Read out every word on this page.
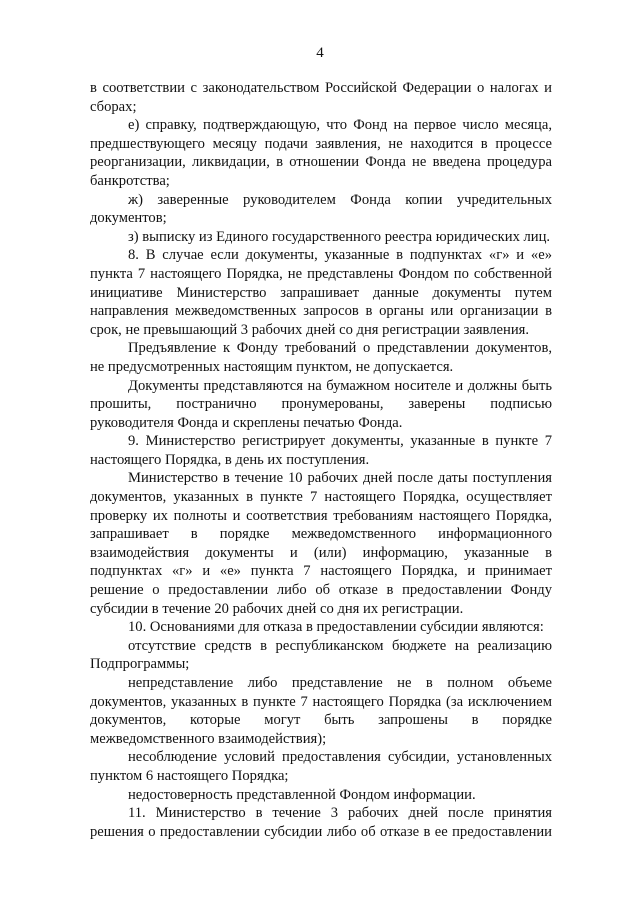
4

в соответствии с законодательством Российской Федерации о налогах и сборах;

е) справку, подтверждающую, что Фонд на первое число месяца, предшествующего месяцу подачи заявления, не находится в процессе реорганизации, ликвидации, в отношении Фонда не введена процедура банкротства;

ж) заверенные руководителем Фонда копии учредительных документов;

з) выписку из Единого государственного реестра юридических лиц.

8. В случае если документы, указанные в подпунктах «г» и «е» пункта 7 настоящего Порядка, не представлены Фондом по собственной инициативе Министерство запрашивает данные документы путем направления межведомственных запросов в органы или организации в срок, не превышающий 3 рабочих дней со дня регистрации заявления.

Предъявление к Фонду требований о представлении документов, не предусмотренных настоящим пунктом, не допускается.

Документы представляются на бумажном носителе и должны быть прошиты, постранично пронумерованы, заверены подписью руководителя Фонда и скреплены печатью Фонда.

9. Министерство регистрирует документы, указанные в пункте 7 настоящего Порядка, в день их поступления.

Министерство в течение 10 рабочих дней после даты поступления документов, указанных в пункте 7 настоящего Порядка, осуществляет проверку их полноты и соответствия требованиям настоящего Порядка, запрашивает в порядке межведомственного информационного взаимодействия документы и (или) информацию, указанные в подпунктах «г» и «е» пункта 7 настоящего Порядка, и принимает решение о предоставлении либо об отказе в предоставлении Фонду субсидии в течение 20 рабочих дней со дня их регистрации.

10. Основаниями для отказа в предоставлении субсидии являются:

отсутствие средств в республиканском бюджете на реализацию Подпрограммы;

непредставление либо представление не в полном объеме документов, указанных в пункте 7 настоящего Порядка (за исключением документов, которые могут быть запрошены в порядке межведомственного взаимодействия);

несоблюдение условий предоставления субсидии, установленных пунктом 6 настоящего Порядка;

недостоверность представленной Фондом информации.

11. Министерство в течение 3 рабочих дней после принятия решения о предоставлении субсидии либо об отказе в ее предоставлении
